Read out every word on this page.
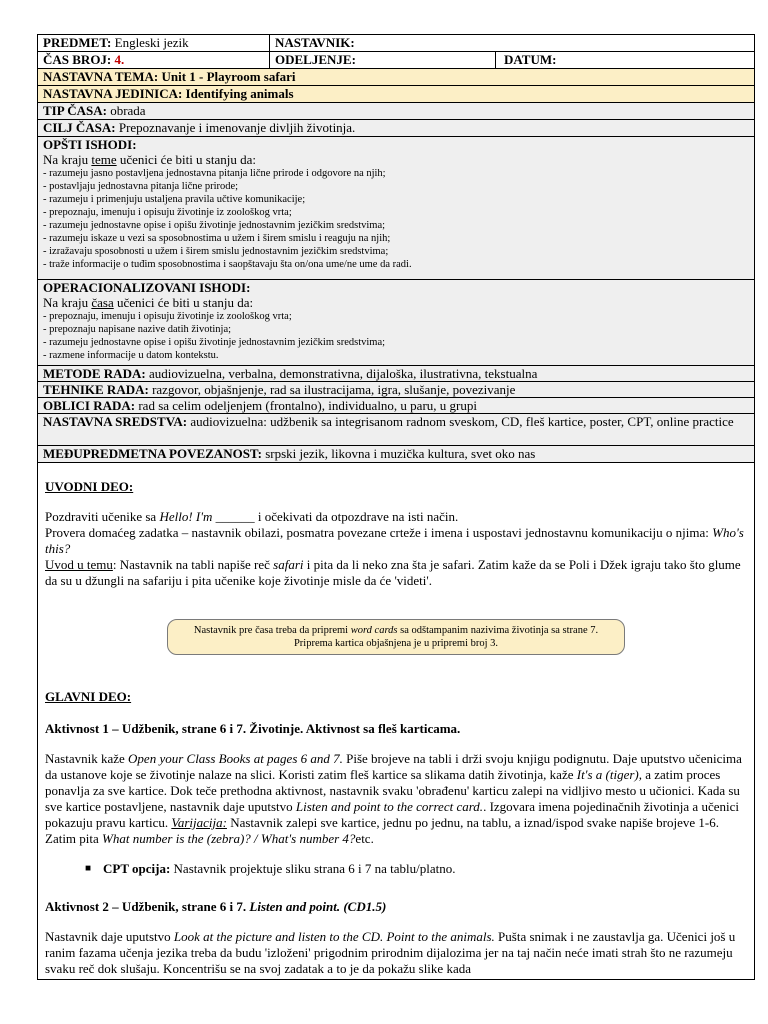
PREDMET: Engleski jezik	NASTAVNIK:
ČAS BROJ: 4.	ODELJENJE:	DATUM:
NASTAVNA TEMA: Unit 1 - Playroom safari
NASTAVNA JEDINICA: Identifying animals
TIP ČASA: obrada
CILJ ČASA: Prepoznavanje i imenovanje divljih životinja.
OPŠTI ISHODI:
Na kraju teme učenici će biti u stanju da:
- razumeju jasno postavljena jednostavna pitanja lične prirode i odgovore na njih;
- postavljaju jednostavna pitanja lične prirode;
- razumeju i primenjuju ustaljena pravila učtive komunikacije;
- prepoznaju, imenuju i opisuju životinje iz zoološkog vrta;
- razumeju jednostavne opise i opišu životinje jednostavnim jezičkim sredstvima;
- razumeju iskaze u vezi sa sposobnostima u užem i širem smislu i reaguju na njih;
- izražavaju sposobnosti u užem i širem smislu jednostavnim jezičkim sredstvima;
- traže informacije o tuđim sposobnostima i saopštavaju šta on/ona ume/ne ume da radi.
OPERACIONALIZOVANI ISHODI:
Na kraju časa učenici će biti u stanju da:
- prepoznaju, imenuju i opisuju životinje iz zoološkog vrta;
- prepoznaju napisane nazive datih životinja;
- razumeju jednostavne opise i opišu životinje jednostavnim jezičkim sredstvima;
- razmene informacije u datom kontekstu.
METODE RADA: audiovizuelna, verbalna, demonstrativna, dijaloška, ilustrativna, tekstualna
TEHNIKE RADA: razgovor, objašnjenje, rad sa ilustracijama, igra, slušanje, povezivanje
OBLICI RADA: rad sa celim odeljenjem (frontalno), individualno, u paru, u grupi
NASTAVNA SREDSTVA: audiovizuelna: udžbenik sa integrisanom radnom sveskom, CD, fleš kartice, poster, CPT, online practice
MEĐUPREDMETNA POVEZANOST: srpski jezik, likovna i muzička kultura, svet oko nas
UVODNI DEO:

Pozdraviti učenike sa Hello! I'm ______ i očekivati da otpozdrave na isti način.

Provera domaćeg zadatka – nastavnik obilazi, posmatra povezane crteže i imena i uspostavi jednostavnu komunikaciju o njima: Who's this?

Uvod u temu: Nastavnik na tabli napiše reč safari i pita da li neko zna šta je safari. Zatim kaže da se Poli i Džek igraju tako što glume da su u džungli na safariju i pita učenike koje životinje misle da će 'videti'.

Nastavnik pre časa treba da pripremi word cards sa odštampanim nazivima životinja sa strane 7.
Priprema kartica objašnjena je u pripremi broj 3.
GLAVNI DEO:
Aktivnost 1 – Udžbenik, strane 6 i 7. Životinje. Aktivnost sa fleš karticama.

Nastavnik kaže Open your Class Books at pages 6 and 7. Piše brojeve na tabli i drži svoju knjigu podignutu. Daje uputstvo učenicima da ustanove koje se životinje nalaze na slici. Koristi zatim fleš kartice sa slikama datih životinja, kaže It's a (tiger), a zatim proces ponavlja za sve kartice. Dok teče prethodna aktivnost, nastavnik svaku 'obrađenu' karticu zalepi na vidljivo mesto u učionici. Kada su sve kartice postavljene, nastavnik daje uputstvo Listen and point to the correct card.. Izgovara imena pojedinačnih životinja a učenici pokazuju pravu karticu. Varijacija: Nastavnik zalepi sve kartice, jednu po jednu, na tablu, a iznad/ispod svake napiše brojeve 1-6. Zatim pita What number is the (zebra)? / What's number 4?etc.

■ CPT opcija: Nastavnik projektuje sliku strana 6 i 7 na tablu/platno.
Aktivnost 2 – Udžbenik, strane 6 i 7. Listen and point. (CD1.5)

Nastavnik daje uputstvo Look at the picture and listen to the CD. Point to the animals. Pušta snimak i ne zaustavlja ga. Učenici još u ranim fazama učenja jezika treba da budu 'izloženi' prigodnim prirodnim dijalozima jer na taj način neće imati strah što ne razumeju svaku reč dok slušaju. Koncentrišu se na svoj zadatak a to je da pokažu slike kada
